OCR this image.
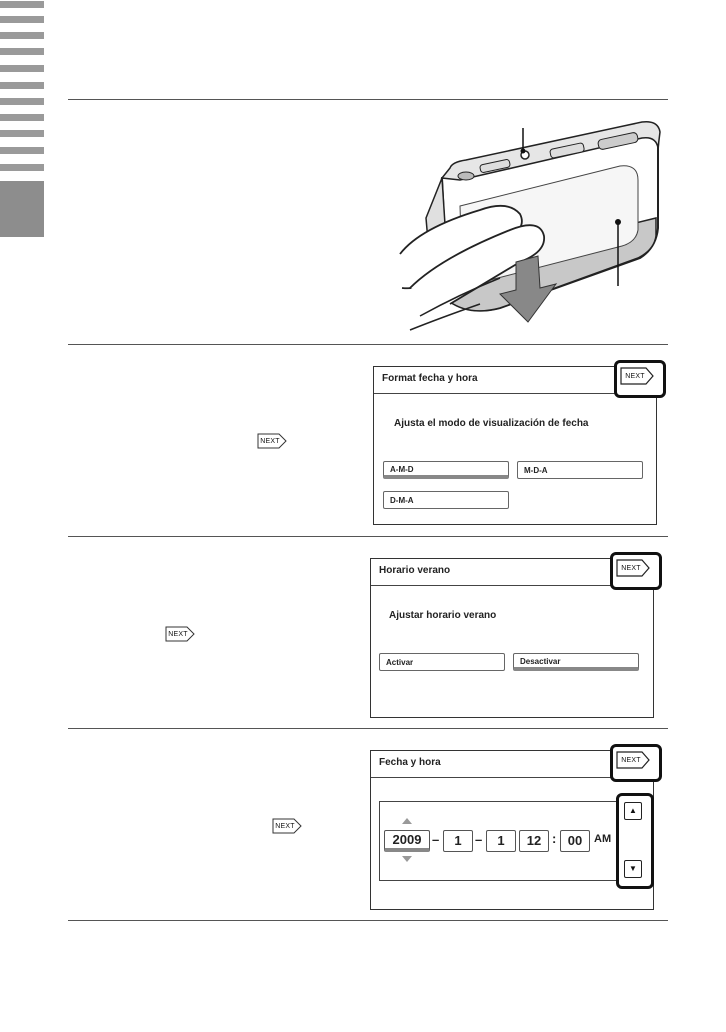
NEXT
Format fecha y hora
Ajusta el modo de visualización de fecha
A-M-D	M-D-A
D-M-A
NEXT
NEXT
Horario verano
Ajustar horario verano
Activar	Desactivar
NEXT
NEXT
Fecha y hora
2009 –	1	–	1	12 : 00	AM
NEXT
▲
▼
